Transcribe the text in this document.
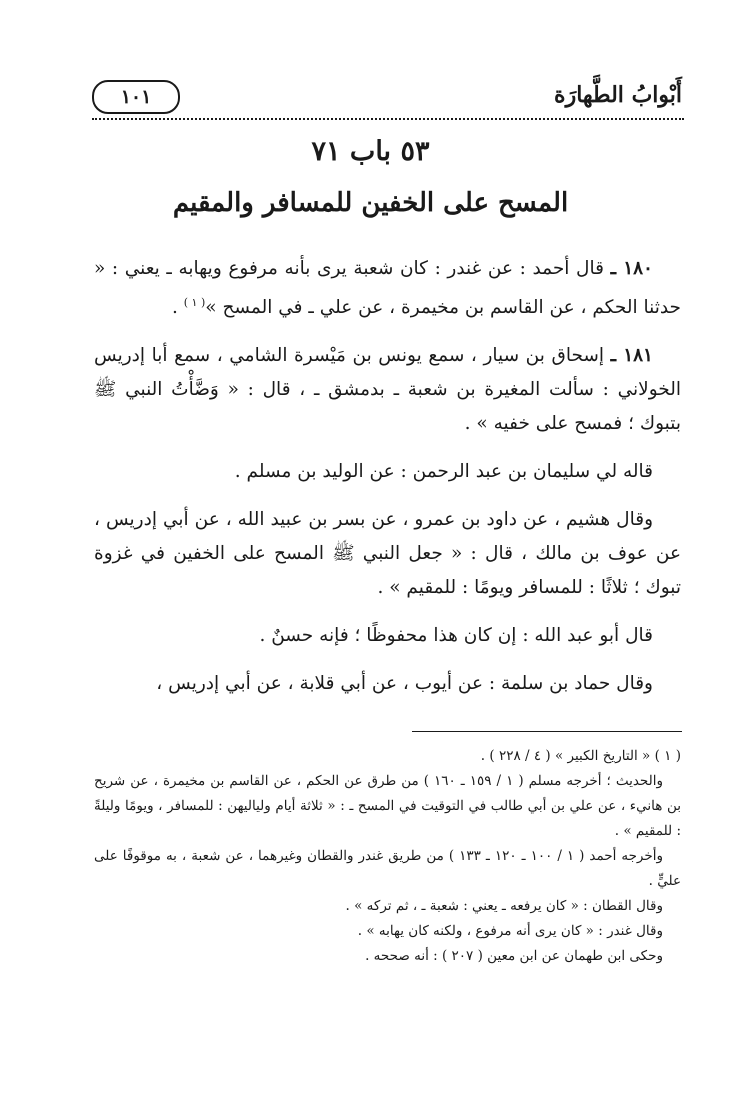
أَبْوابُ الطَّهارَة
١٠١
٥٣ باب ٧١
المسح على الخفين للمسافر والمقيم

١٨٠ ـ قال أحمد : عن غندر : كان شعبة يرى بأنه مرفوع ويهابه ـ يعني : « حدثنا الحكم ، عن القاسم بن مخيمرة ، عن علي ـ في المسح »$^{( ١ )}$ .

١٨١ ـ إسحاق بن سيار ، سمع يونس بن مَيْسرة الشامي ، سمع أبا إدريس الخولاني : سألت المغيرة بن شعبة ـ بدمشق ـ ، قال : « وَضَّأْتُ النبي ﷺ بتبوك ؛ فمسح على خفيه » .

قاله لي سليمان بن عبد الرحمن : عن الوليد بن مسلم .

وقال هشيم ، عن داود بن عمرو ، عن بسر بن عبيد الله ، عن أبي إدريس ، عن عوف بن مالك ، قال : « جعل النبي ﷺ المسح على الخفين في غزوة تبوك ؛ ثلاثًا : للمسافر ويومًا : للمقيم » .

قال أبو عبد الله : إن كان هذا محفوظًا ؛ فإنه حسنٌ .

وقال حماد بن سلمة : عن أيوب ، عن أبي قلابة ، عن أبي إدريس ،

( ١ ) « التاريخ الكبير » ( ٤ / ٢٢٨ ) .

والحديث ؛ أخرجه مسلم ( ١ / ١٥٩ ـ ١٦٠ ) من طرق عن الحكم ، عن القاسم بن مخيمرة ، عن شريح بن هانيء ، عن علي بن أبي طالب في التوقيت في المسح ـ : « ثلاثة أيام ولياليهن : للمسافر ، ويومًا وليلةً : للمقيم » .

وأخرجه أحمد ( ١ / ١٠٠ ـ ١٢٠ ـ ١٣٣ ) من طريق غندر والقطان وغيرهما ، عن شعبة ، به موقوفًا على عليٍّ .

وقال القطان : « كان يرفعه ـ يعني : شعبة ـ ، ثم تركه » .

وقال غندر : « كان يرى أنه مرفوع ، ولكنه كان يهابه » .

وحكى ابن طهمان عن ابن معين ( ٢٠٧ ) : أنه صححه .
